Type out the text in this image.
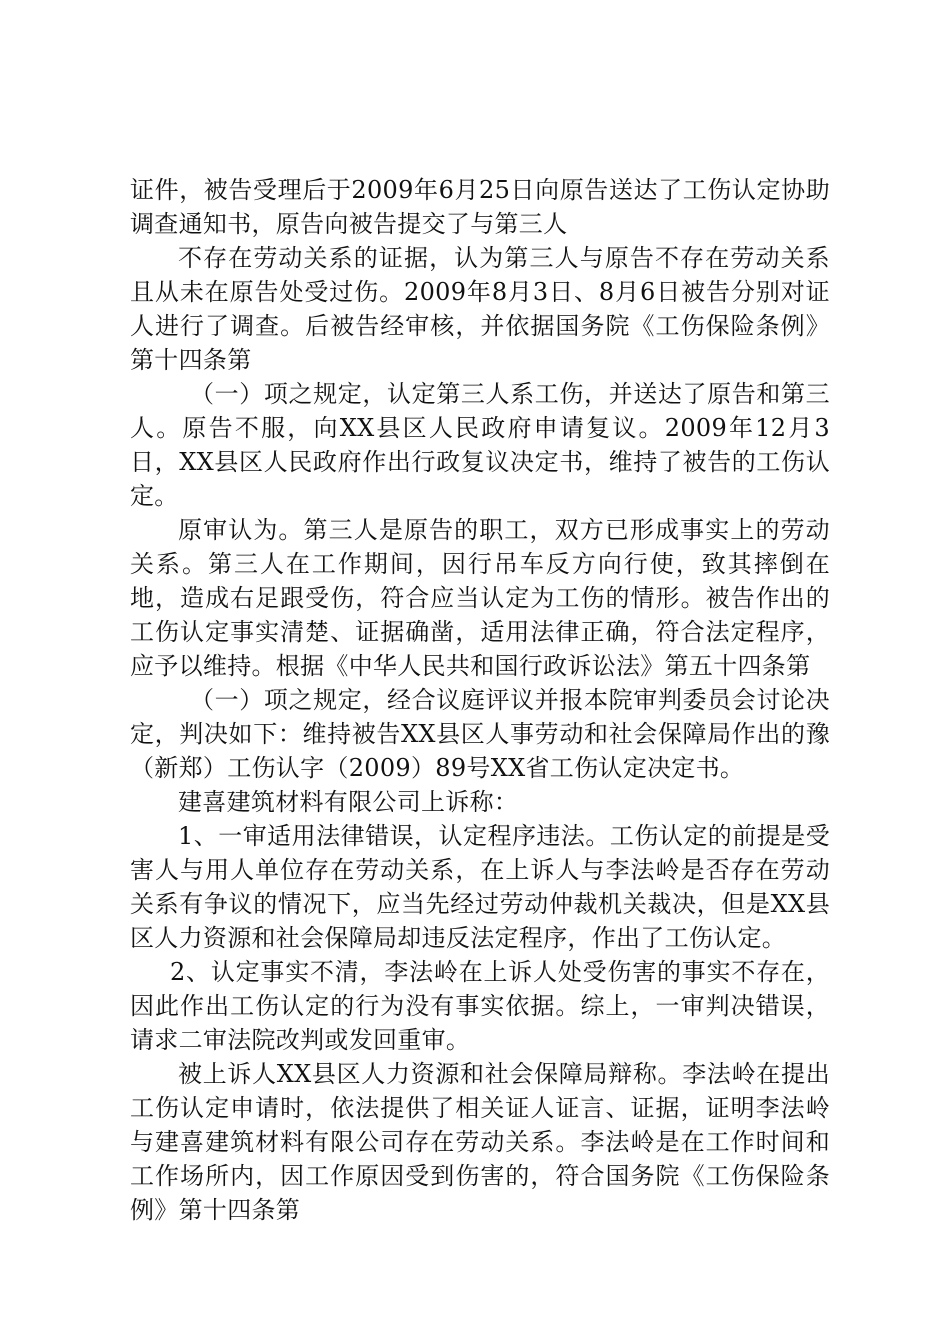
证件，被告受理后于2009年6月25日向原告送达了工伤认定协助调查通知书，原告向被告提交了与第三人

不存在劳动关系的证据，认为第三人与原告不存在劳动关系且从未在原告处受过伤。2009年8月3日、8月6日被告分别对证人进行了调查。后被告经审核，并依据国务院《工伤保险条例》第十四条第

（一）项之规定，认定第三人系工伤，并送达了原告和第三人。原告不服，向XX县区人民政府申请复议。2009年12月3日，XX县区人民政府作出行政复议决定书，维持了被告的工伤认定。

原审认为。第三人是原告的职工，双方已形成事实上的劳动关系。第三人在工作期间，因行吊车反方向行使，致其摔倒在地，造成右足跟受伤，符合应当认定为工伤的情形。被告作出的工伤认定事实清楚、证据确凿，适用法律正确，符合法定程序，应予以维持。根据《中华人民共和国行政诉讼法》第五十四条第

（一）项之规定，经合议庭评议并报本院审判委员会讨论决定，判决如下：维持被告XX县区人事劳动和社会保障局作出的豫（新郑）工伤认字（2009）89号XX省工伤认定决定书。

建喜建筑材料有限公司上诉称：

1、一审适用法律错误，认定程序违法。工伤认定的前提是受害人与用人单位存在劳动关系，在上诉人与李法岭是否存在劳动关系有争议的情况下，应当先经过劳动仲裁机关裁决，但是XX县区人力资源和社会保障局却违反法定程序，作出了工伤认定。

2、认定事实不清，李法岭在上诉人处受伤害的事实不存在，因此作出工伤认定的行为没有事实依据。综上，一审判决错误，请求二审法院改判或发回重审。

被上诉人XX县区人力资源和社会保障局辩称。李法岭在提出工伤认定申请时，依法提供了相关证人证言、证据，证明李法岭与建喜建筑材料有限公司存在劳动关系。李法岭是在工作时间和工作场所内，因工作原因受到伤害的，符合国务院《工伤保险条例》第十四条第
